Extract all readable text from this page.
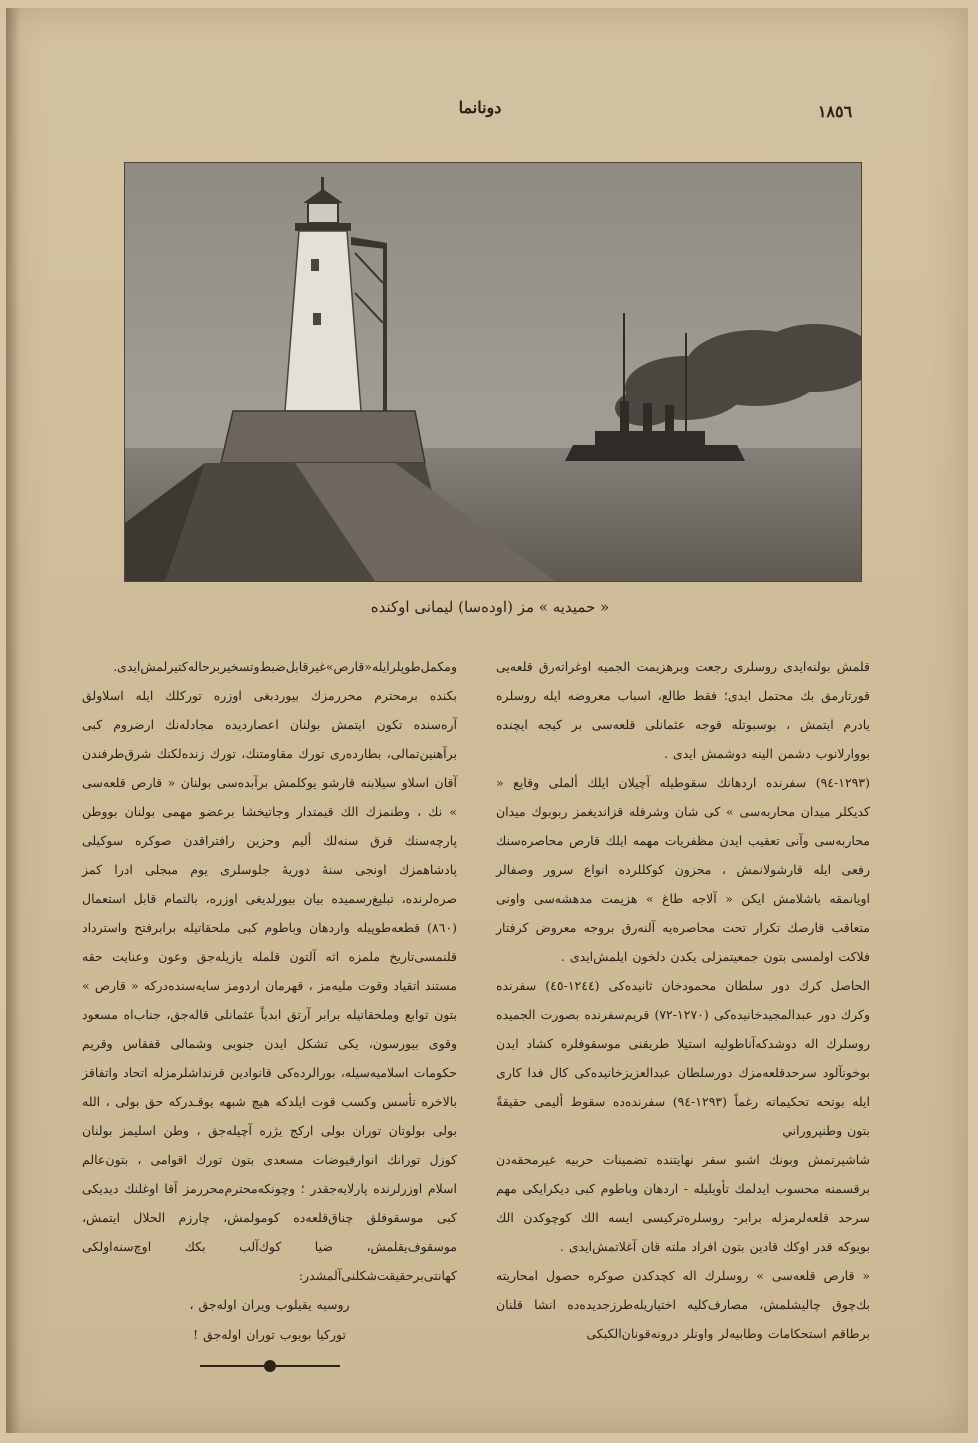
دونانما	١٨٥٦
« حميديه » مز (اوده‌سا) ليمانى اوكنده

قلمش بولنه‌ايدى روسلرى رجعت وبرهزيمت الجميه اوغراته‌رق قلعه‌يى قورتارمق بك محتمل ايدى؛ فقط طالع، اسباب معروضه ايله روسلره يادرم ايتمش ، بوسبوتله قوجه عثمانلى قلعه‌سى بر كيجه ايچنده بووارلانوب دشمن الينه دوشمش ايدى .

(١٢٩٣-٩٤) سفرنده اردهانك سقوطيله آچيلان ايلك ألملى وقايع « كديكلر ميدان محاربه‌سى » كى شان وشرفله قزانديغمز ربوبوك ميدان محاربه‌سى وآنى تعقيب ايدن مظفريات مهمه ايلك قارص محاصره‌سنك رفعى ايله قارشولانمش ، محزون كوكللرده انواع سرور وصفالر اويانمقه باشلامش ايكن « آلاجه طاغ » هزيمت مدهشه‌سى واونى متعاقب قارصك تكرار تحت محاصره‌يه آلنه‌رق بروجه معروض كرفتار فلاكت اولمسى بتون جمعيتمزلى يكدن دلخون ايلمش‌ايدى .

الحاصل كرك دور سلطان محمودخان ثانيده‌كى (١٢٤٤-٤٥) سفرنده وكرك دور عبدالمجيدخانيده‌كى (١٢٧٠-٧٢) قريم‌سفرنده بصورت الجميده روسلرك اله دوشدكه‌آناطوليه استيلا طريقنى موسقوفلره كشاد ايدن بوخونآلود سرحدقلعه‌مزك دورسلطان عبدالعزيزخانيده‌كى كال فدا كارى ايله بوتحه تحكيماته رغماً (١٢٩٣-٩٤) سفرنده‌ده سقوط أليمى حقيقةً بتون وطنپروراني

شاشيرتمش وبونك اشبو سفر نهايتنده تضمينات حربيه غيرمحقه‌دن برقسمنه محسوب ايدلمك تأويليله - اردهان وباطوم كبى ديكرايكى مهم سرحد قلعه‌لرمزله برابر- روسلره‌ترکيسى ايسه الك كوچوكدن الك بويوكه قدر اوكك قادين بتون افراد ملته قان آغلاتمش‌ايدى .

« قارص قلعه‌سى » روسلرك اله كچدكدن صوكره حصول امحاريته بك‌چوق چاليشلمش، مصارف‌كليه اختياريله‌طرزجديده‌ده انشا قلنان برطاقم استحكامات وطابيه‌لر واونلر درونه‌قونان‌الكبكى

ومكمل‌طوپلرايله«قارص»غيرقابل‌ضبط‌وتسخيربرحاله‌كتيرلمش‌ايدى.

بكنده برمحترم محررمزك بيوردبغى اوزره توركلك ايله اسلاولق آره‌سنده تكون ايتمش بولنان اعصارديده مجادله‌نك ارضروم كبى برآهنين‌تمالى، بطارده‌رى تورك مقاومتنك، تورك زنده‌لكنك شرق‌طرفندن آقان اسلاو سيلابنه قارشو يوكلمش برآبده‌سى بولنان « قارص قلعه‌سى » نك ، وطنمزك الك قيمتدار وجاتيخشا برعضو مهمى بولنان بووطن پارچه‌سنك قرق سنه‌لك أليم وحزين رافتراقدن صوكره سوكيلى پادشاهمزك اونجى سنهٔ دوريهٔ جلوسلرى يوم مبجلى ادرا كمز صره‌لرنده، تبليغ‌رسميده بيان بيورلديغى اوزره، بالتمام قابل استعمال (٨٦٠) قطعه‌طوپيله واردهان وباطوم كبى ملحقاتيله برابرفتح واسترداد قلنمسى‌تاريخ ملمزه‌ اثه آلتون قلمله يازيله‌جق وعون وعنايت حقه مستند اتقياد وقوت مليه‌مز ، قهرمان اردومز سايه‌سنده‌دركه « قارص » بتون توابع وملحقاتيله برابر آرتق ابدياً عثمانلى قاله‌جق، جناب‌اه مسعود وقوى بيورسون، يكى تشكل ايدن جنوبى وشمالى قفقاس وقريم حكومات اسلاميه‌سيله، بورالرده‌كى قانوادين قرنداشلرمزله اتحاد واتفاقز بالاخره تأسس وكسب قوت ايلدكه هيچ شبهه يوقـدركه حق بولى ، الله بولى بولوتان توران بولى اركج يژره آچيله‌جق ، وطن اسليمز بولنان كوزل تورانك انوارفيوضات مسعدى بتون تورك اقوامى ، بتون‌عالم اسلام اوزرلرنده پارلايه‌جقدر ؛ وچونكه‌محترم‌محررمز آقا اوغلنك ديديكى كبى موسقوفلق چناق‌قلعه‌ده كومولمش، چارزم الحلال ايتمش، موسقوف‌يقلمش، ضيا كوك‌آلب بكك اوچ‌سنه‌اولكى كهانتى‌برحقيقت‌شكلنى‌آلمشدر:

روسيه يقيلوب ويران اوله‌جق ،

توركيا بويوب توران اوله‌جق !
